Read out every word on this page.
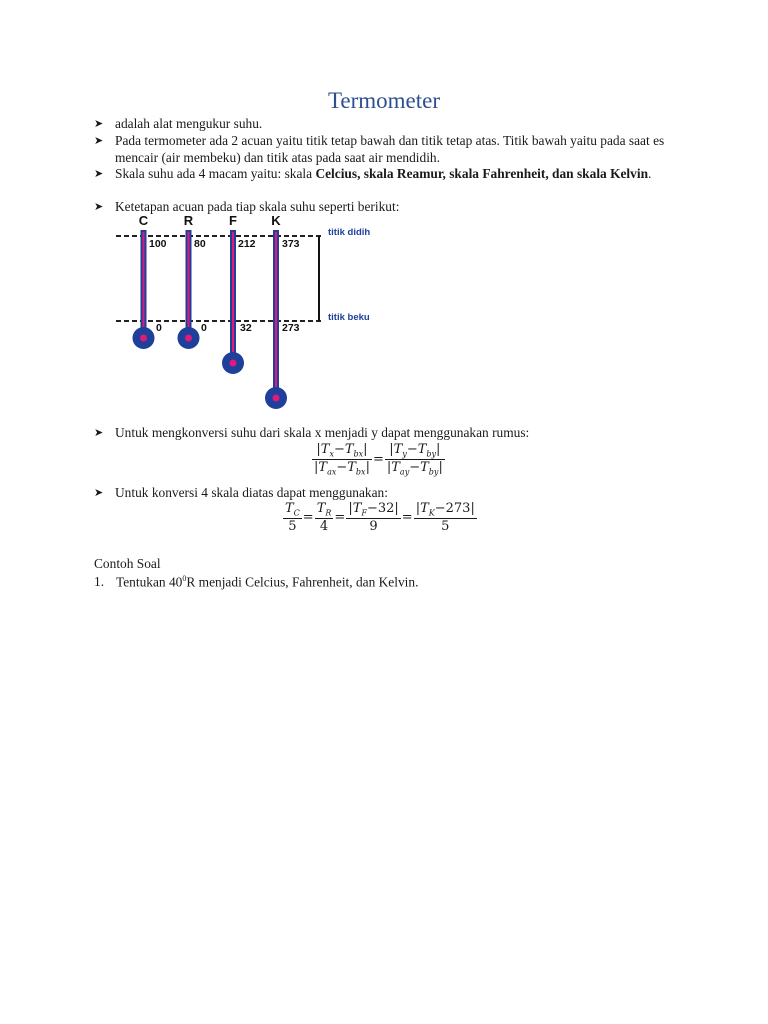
Termometer
➤ adalah alat mengukur suhu.
➤ Pada termometer ada 2 acuan yaitu titik tetap bawah dan titik tetap atas. Titik bawah yaitu pada saat es mencair (air membeku) dan titik atas pada saat air mendidih.
➤ Skala suhu ada 4 macam yaitu: skala Celcius, skala Reamur, skala Fahrenheit, dan skala Kelvin.
➤ Ketetapan acuan pada tiap skala suhu seperti berikut:
C	R	F	K
100	80	212	373
0	0	32	273
titik didih
titik beku
➤ Untuk mengkonversi suhu dari skala x menjadi y dapat menggunakan rumus:
$\frac{|T_x-T_{bx}|}{|T_{ax}-T_{bx}|} = \frac{|T_y-T_{by}|}{|T_{ay}-T_{by}|}$
➤ Untuk konversi 4 skala diatas dapat menggunakan:
$\frac{T_C}{5} = \frac{T_R}{4} = \frac{|T_F-32|}{9} = \frac{|T_K-273|}{5}$
Contoh Soal
1. Tentukan $40^0R$ menjadi Celcius, Fahrenheit, dan Kelvin.
